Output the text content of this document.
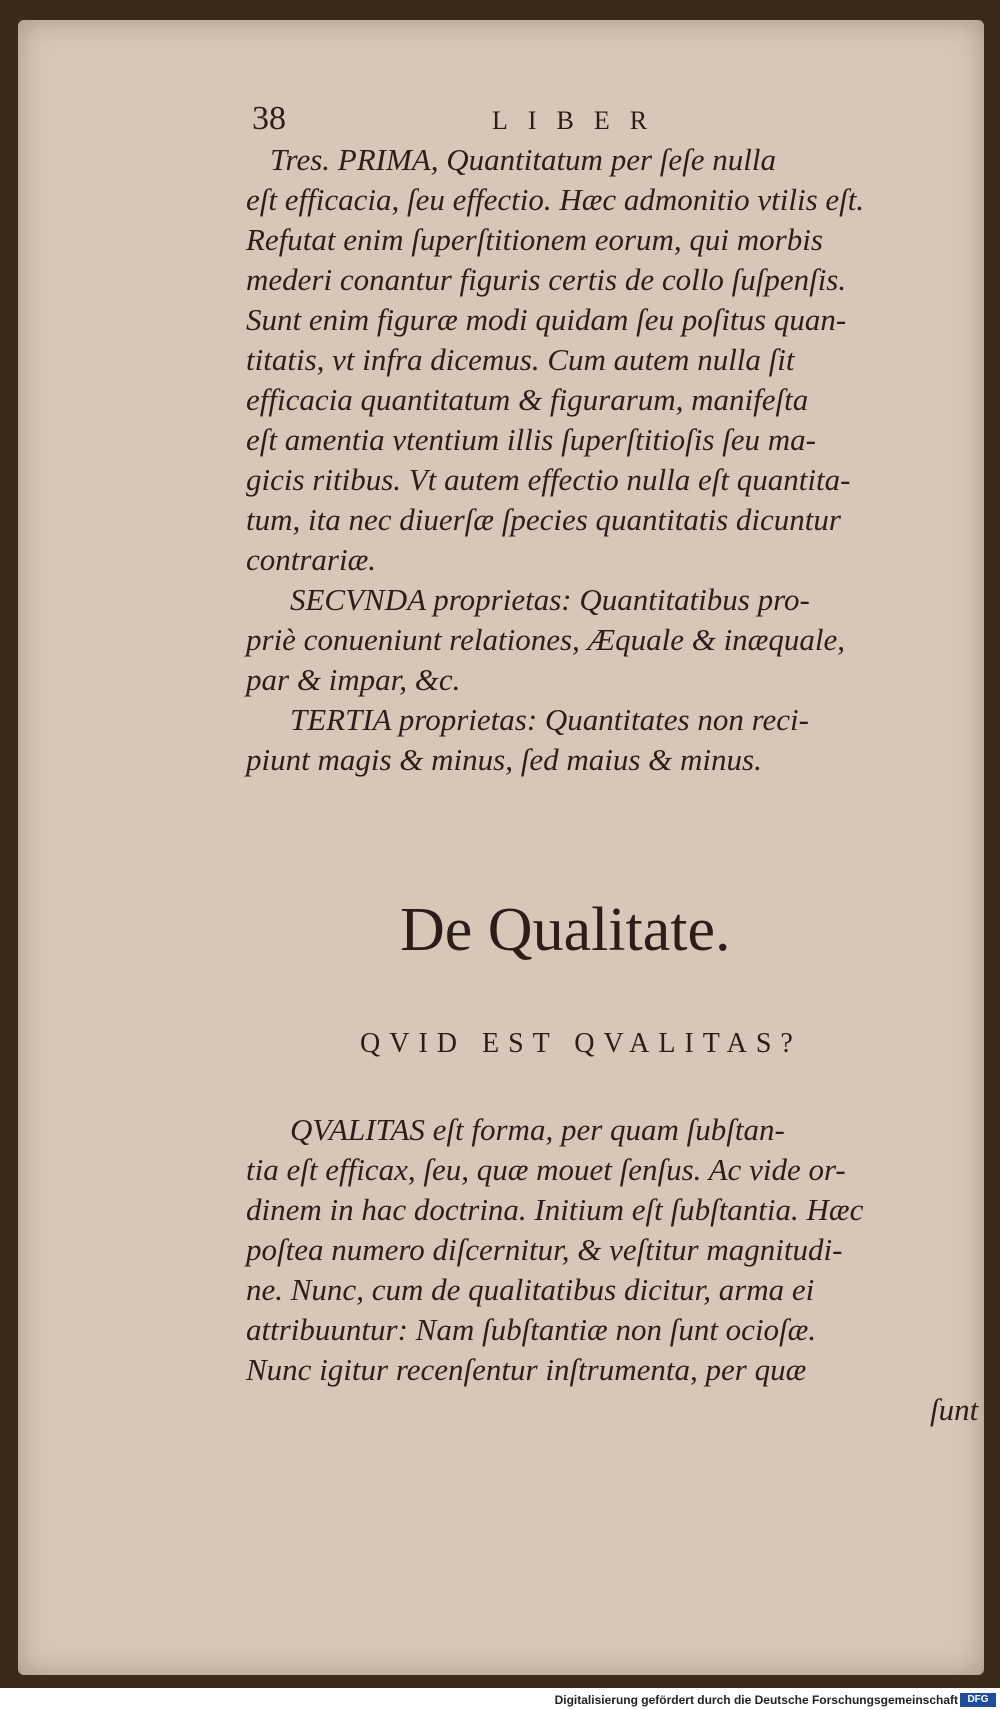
38	LIBER
Tres. PRIMA, Quantitatum per ſeſe nulla
eſt efficacia, ſeu effectio. Hæc admonitio vtilis eſt.
Refutat enim ſuperſtitionem eorum, qui morbis
mederi conantur figuris certis de collo ſuſpenſis.
Sunt enim figuræ modi quidam ſeu poſitus quan-
titatis, vt infra dicemus. Cum autem nulla ſit
efficacia quantitatum & figurarum, manifeſta
eſt amentia vtentium illis ſuperſtitioſis ſeu ma-
gicis ritibus. Vt autem effectio nulla eſt quantita-
tum, ita nec diuerſæ ſpecies quantitatis dicuntur
contrariæ.
SECVNDA proprietas: Quantitatibus pro-
priè conueniunt relationes, Æquale & inæquale,
par & impar, &c.
TERTIA proprietas: Quantitates non reci-
piunt magis & minus, ſed maius & minus.
De Qualitate.
QVID EST QVALITAS?
QVALITAS eſt forma, per quam ſubſtan-
tia eſt efficax, ſeu, quæ mouet ſenſus. Ac vide or-
dinem in hac doctrina. Initium eſt ſubſtantia. Hæc
poſtea numero diſcernitur, & veſtitur magnitudi-
ne. Nunc, cum de qualitatibus dicitur, arma ei
attribuuntur: Nam ſubſtantiæ non ſunt ocioſæ.
Nunc igitur recenſentur inſtrumenta, per quæ
ſunt
Digitalisierung gefördert durch die Deutsche Forschungsgemeinschaft DFG
